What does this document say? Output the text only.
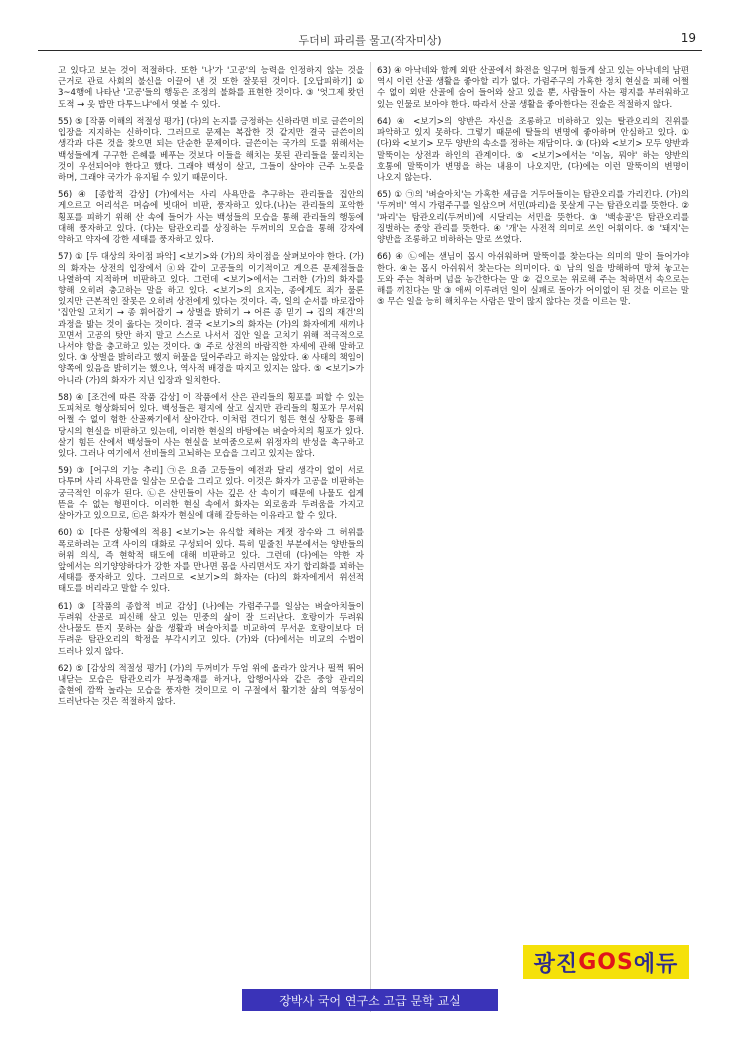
두더비 파리를 물고(작자미상)	19

고 있다고 보는 것이 적절하다. 또한 '나'가 '고공'의 능력을 인정하지 않는 것을 근거로 관료 사회의 불신을 이끌어 낸 것 또한 잘못된 것이다. [오답피하기] ① 3~4행에 나타난 '고공'들의 행동은 조정의 불화를 표현한 것이다. ③ '엇그제 왓던 도적 → 옷 밥만 다투느냐'에서 엿볼 수 있다.

55) ⑤ [작품 이해의 적절성 평가] (다)의 논지를 긍정하는 신하라면 비로 글쓴이의 입장을 지지하는 신하이다. 그러므로 문제는 복잡한 것 같지만 결국 글쓴이의 생각과 다른 것을 찾으면 되는 단순한 문제이다. 글쓴이는 국가의 도를 위해서는 백성들에게 구구한 은혜를 베푸는 것보다 이들을 해치는 못된 관리들을 물리치는 것이 우선되어야 한다고 했다. 그래야 백성이 살고, 그들이 살아야 근주 노릇을 하며, 그래야 국가가 유지될 수 있기 때문이다.

56) ④ [종합적 감상] (가)에서는 사리 사욕만을 추구하는 관리들을 집안의 게으르고 어리석은 머슴에 빗대어 비판, 풍자하고 있다.(나)는 관리들의 포악한 횡포를 피하기 위해 산 속에 들어가 사는 백성들의 모습을 통해 관리들의 행동에 대해 풍자하고 있다. (다)는 탐관오리를 상징하는 두꺼비의 모습을 통해 강자에 약하고 약자에 강한 세태를 풍자하고 있다.

57) ① [두 대상의 차이점 파악] <보기>와 (가)의 차이점을 살펴보아야 한다. (가)의 화자는 상전의 입장에서 ⓐ와 같이 고공들의 이기적이고 게으른 문제점들을 나열하여 지적하며 비판하고 있다. 그런데 <보기>에서는 그러한 (가)의 화자를 향해 오히려 충고하는 말을 하고 있다. <보기>의 요지는, 종에게도 죄가 물론 있지만 근본적인 잘못은 오히려 상전에게 있다는 것이다. 즉, 일의 순서를 바로잡아 '집안일 고치기 → 종 휘어잡기 → 상벌을 밝히기 → 어른 종 믿기 → 집의 재건'의 과정을 밟는 것이 옳다는 것이다. 결국 <보기>의 화자는 (가)의 화자에게 새끼나 꼬면서 고공의 탓만 하지 말고 스스로 나서서 집안 일을 고치기 위해 적극적으로 나서야 함을 충고하고 있는 것이다. ③ 주로 상전의 바람직한 자세에 관해 말하고 있다. ③ 상벌을 밝히라고 했지 허물을 덮어주라고 하지는 않았다. ④ 사태의 책임이 양쪽에 있음을 밝히기는 했으나, 역사적 배경을 따지고 있지는 않다. ⑤ <보기>가 아니라 (가)의 화자가 지닌 입장과 일치한다.

58) ④ [조건에 따른 작품 감상] 이 작품에서 산은 관리들의 횡포를 피할 수 있는 도피처로 형상화되어 있다. 백성들은 평지에 살고 싶지만 관리들의 횡포가 무서워 어쩔 수 없이 험한 산골짜기에서 살아간다. 이처럼 견디기 힘든 현실 상황을 통해 당시의 현실을 비판하고 있는데, 이러한 현실의 바탕에는 벼슬아치의 횡포가 있다. 살기 힘든 산에서 백성들이 사는 현실을 보여줌으로써 위정자의 반성을 촉구하고 있다. 그러나 여기에서 선비들의 고뇌하는 모습을 그리고 있지는 않다.

59) ③ [어구의 기능 추리] ㉠은 요즘 고등들이 예전과 달리 생각이 없이 서로 다투며 사리 사욕만을 일삼는 모습을 그리고 있다. 이것은 화자가 고공을 비판하는 궁극적인 이유가 된다. ㉡은 산민들이 사는 깊은 산 속이기 때문에 나물도 쉽게 뜯을 수 없는 형편이다. 이러한 현실 속에서 화자는 외로움과 두려움을 가지고 살아가고 있으므로, ㉢은 화자가 현실에 대해 갈등하는 이유라고 할 수 있다.

60) ① [다른 상황에의 적용] <보기>는 유식할 체하는 게젓 장수와 그 허위를 폭로하려는 고객 사이의 대화로 구성되어 있다. 특히 밑줄친 부분에서는 양반들의 허위 의식, 즉 현학적 태도에 대해 비판하고 있다. 그런데 (다)에는 약한 자 앞에서는 의기양양하다가 강한 자를 만나면 몸을 사리면서도 자기 합리화를 꾀하는 세태를 풍자하고 있다. 그러므로 <보기>의 화자는 (다)의 화자에게서 위선적 태도를 버리라고 말할 수 있다.

61) ③ [작품의 종합적 비교 감상] (나)에는 가렴주구를 일삼는 벼슬아치들이 두려워 산골로 피신해 살고 있는 민중의 삶이 잘 드러난다. 호랑이가 두려워 산나물도 뜯지 못하는 삶을 생활과 벼슬아치를 비교하여 무서운 호랑이보다 더 두려운 탐관오리의 학정을 부각시키고 있다. (가)와 (다)에서는 비교의 수법이 드러나 있지 않다.

62) ⑤ [감상의 적절성 평가] (가)의 두꺼비가 두엄 위에 올라가 앉거나 펄쩍 뛰어 내닫는 모습은 탐관오리가 부정축재를 하거나, 압행어사와 같은 중앙 관리의 출현에 깜짝 놀라는 모습을 풍자한 것이므로 이 구절에서 활기찬 삶의 역동성이 드러난다는 것은 적절하지 않다.

63) ④ 아낙네와 함께 외딴 산골에서 화전을 일구며 힘들게 살고 있는 아낙네의 남편 역시 이런 산골 생활을 좋아할 리가 없다. 가렴주구의 가혹한 정치 현실을 피해 어쩔 수 없이 외딴 산골에 숨어 들어와 살고 있을 뿐, 사람들이 사는 평지를 부러워하고 있는 인물로 보아야 한다. 따라서 산골 생활을 좋아한다는 진술은 적절하지 않다.

64) ④ <보기>의 양반은 자신을 조롱하고 비하하고 있는 탈관오리의 진위를 파악하고 있지 못하다. 그렇기 때문에 탈들의 변명에 좋아하며 안심하고 있다. ① (다)와 <보기> 모두 양반의 속소를 정하는 재담이다. ③ (다)와 <보기> 모두 양반과 말뚝이는 상전과 하인의 관계이다. ⑤ <보기>에서는 '이놈, 뭐야' 하는 양반의 호통에 말뚝이가 변명을 하는 내용이 나오지만, (다)에는 이런 말뚝이의 변명이 나오지 않는다.

65) ① ㉠의 '벼슬아치'는 가혹한 세금을 거두어들이는 탐관오리를 가리킨다. (가)의 '두꺼비' 역시 가렴주구를 일삼으며 서민(파리)을 못살게 구는 탐관오리를 뜻한다. ② '파리'는 탐관오리(두꺼비)에 시달리는 서민을 뜻한다. ③ '백송골'은 탐관오리를 징벌하는 중앙 관리를 뜻한다. ④ '개'는 사전적 의미로 쓰인 어휘이다. ⑤ '돼지'는 양반을 조롱하고 비하하는 말로 쓰였다.

66) ④ ㉡에는 샌님이 몹시 아쉬워하며 말뚝이를 찾는다는 의미의 말이 들어가야 한다. ④는 몹시 아쉬워서 찾는다는 의미이다. ① 남의 일을 방해하여 망쳐 놓고는 도와 주는 척하며 넘을 농간한다는 말 ② 겉으로는 위로해 주는 척하면서 속으로는 해를 끼친다는 말 ③ 애써 이루려던 일이 실패로 돌아가 어이없이 된 것을 이르는 말 ⑤ 무슨 일을 능히 해치우는 사람은 말이 많지 않다는 것을 이르는 말.

광진 GOS 에듀
장박사 국어 연구소 고급 문학 교실
